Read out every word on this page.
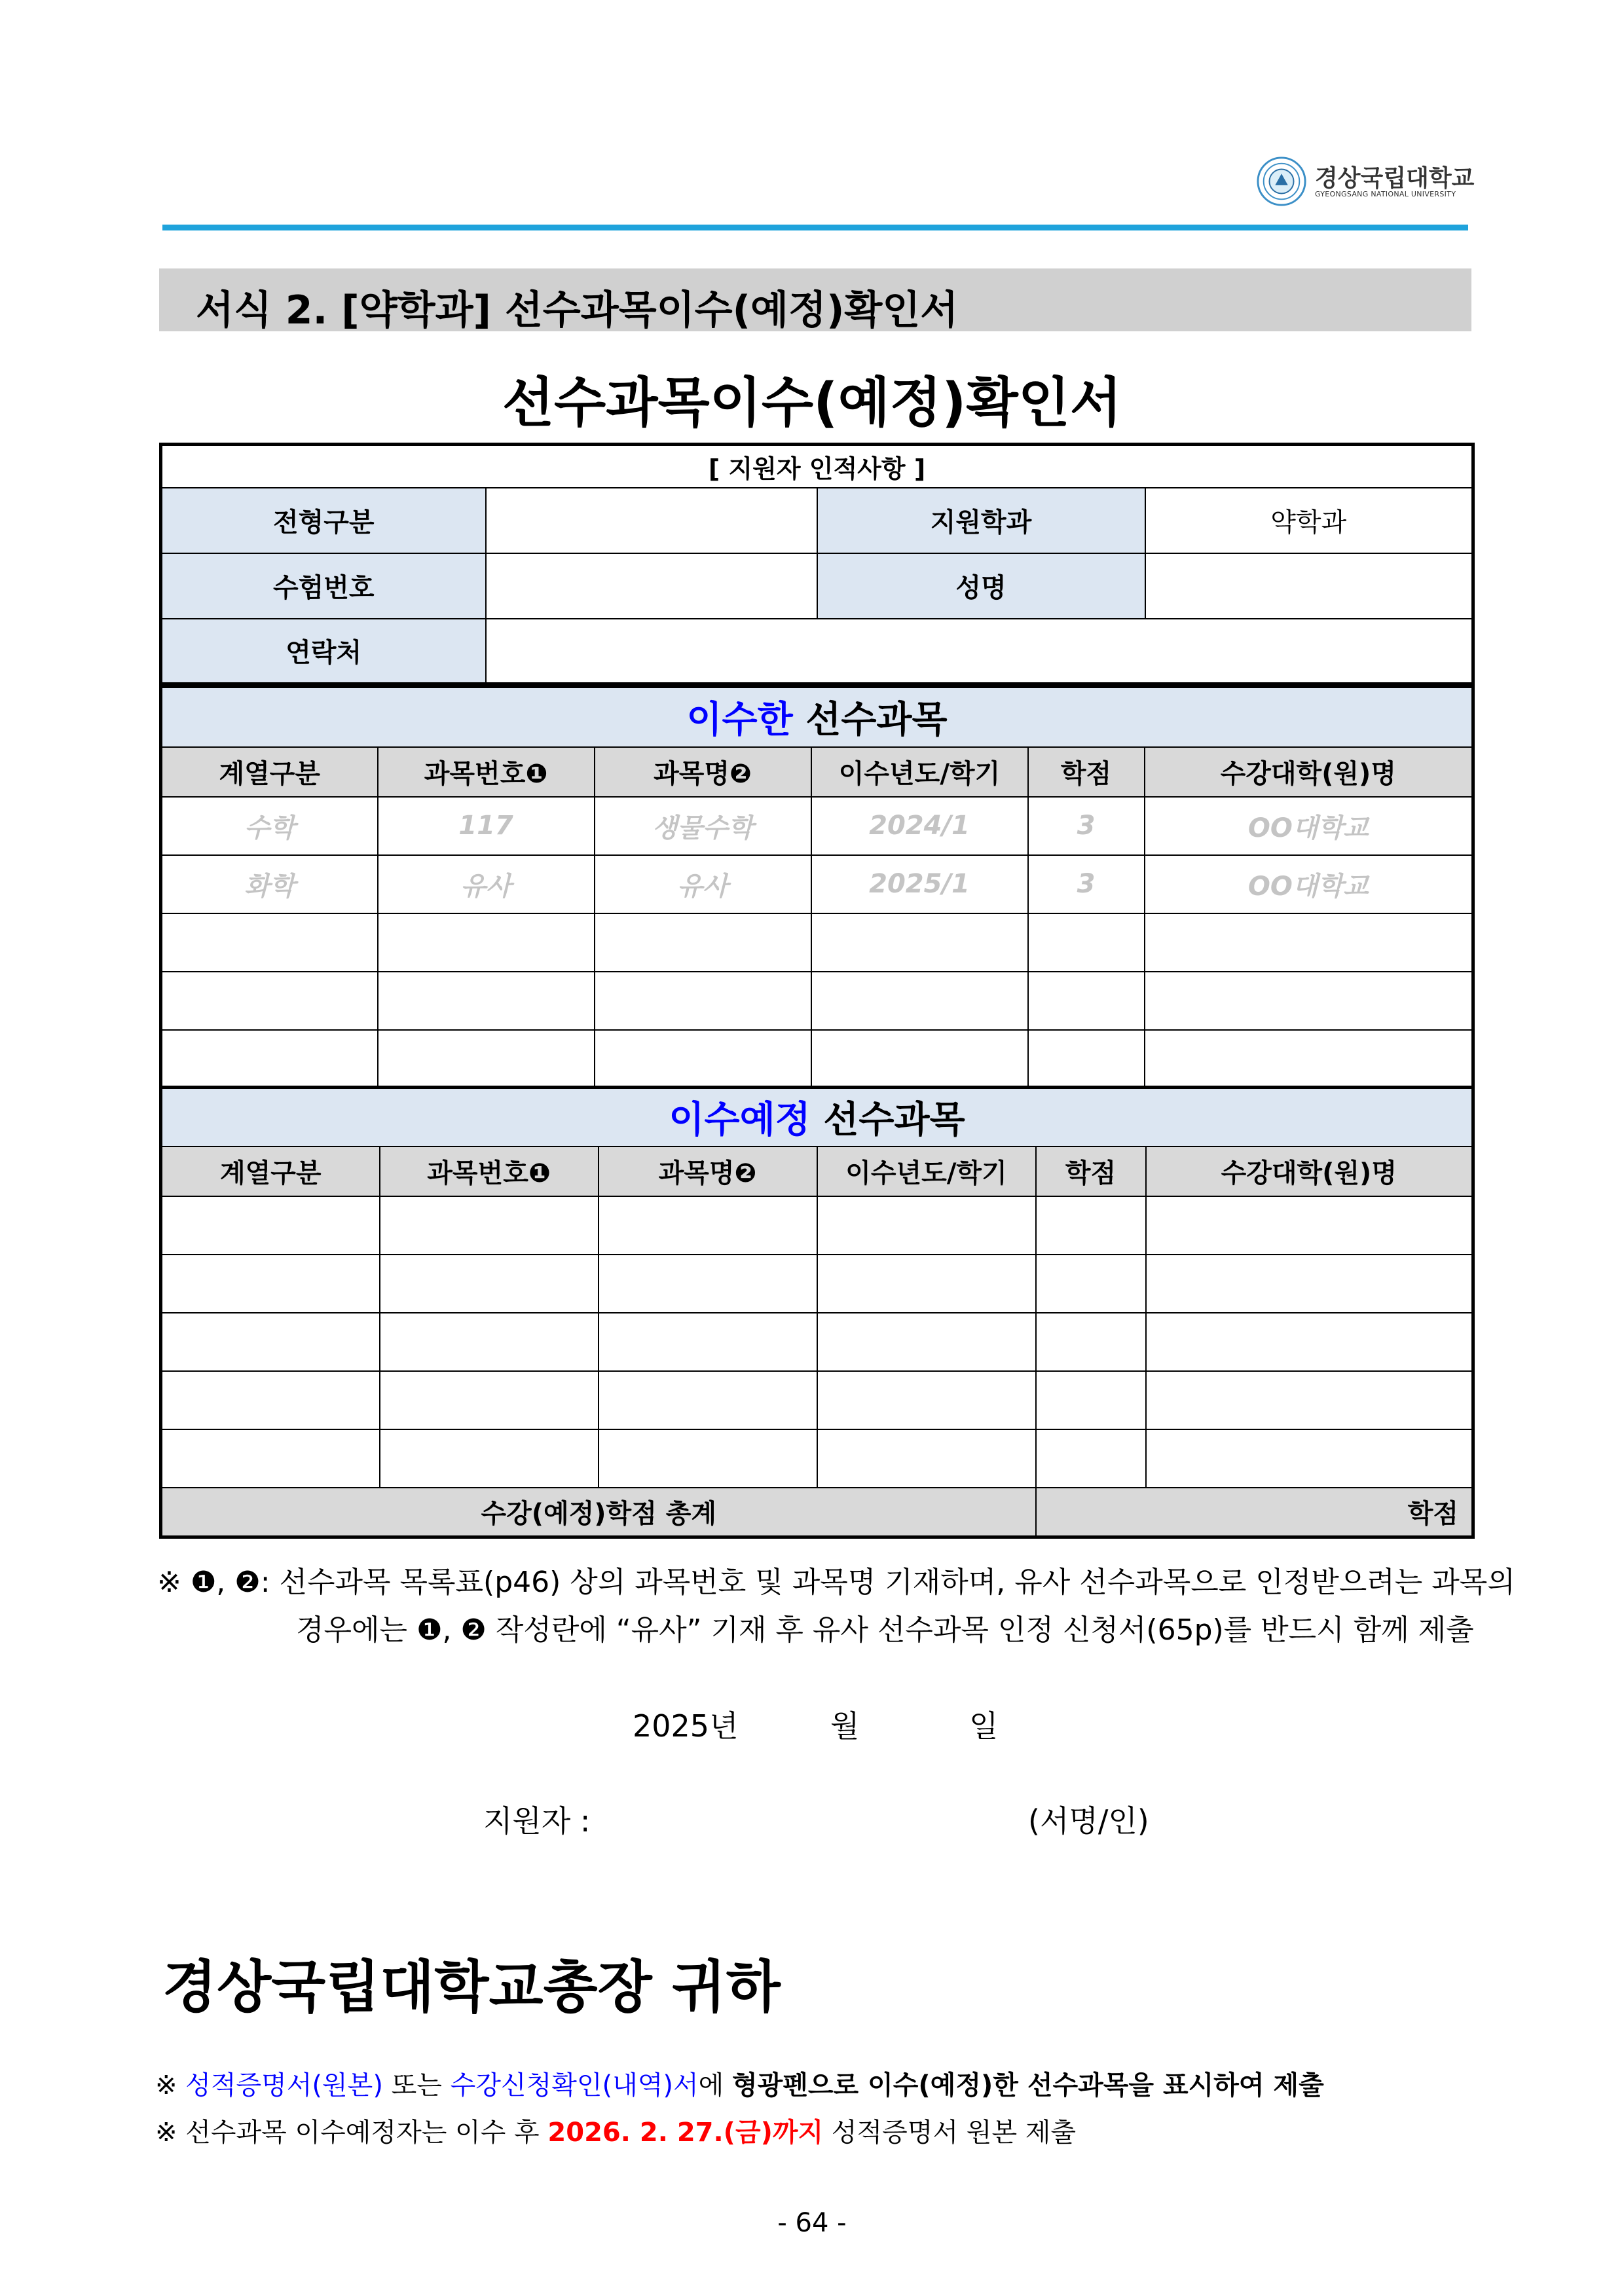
경상국립대학교
GYEONGSANG NATIONAL UNIVERSITY
서식 2. [약학과] 선수과목이수(예정)확인서
선수과목이수(예정)확인서
[ 지원자 인적사항 ]			
전형구분		지원학과	약학과
수험번호		성명	
연락처			
이수한 선수과목					
계열구분	과목번호❶	과목명❷	이수년도/학기	학점	수강대학(원)명
수학	117	생물수학	2024/1	3	OO대학교
화학	유사	유사	2025/1	3	OO대학교

이수예정 선수과목					
계열구분	과목번호❶	과목명❷	이수년도/학기	학점	수강대학(원)명

수강(예정)학점 총계				학점	
※ ❶, ❷: 선수과목 목록표(p46) 상의 과목번호 및 과목명 기재하며, 유사 선수과목으로 인정받으려는 과목의
경우에는 ❶, ❷ 작성란에 “유사” 기재 후 유사 선수과목 인정 신청서(65p)를 반드시 함께 제출
2025년	월	일
지원자 :	(서명/인)
경상국립대학교총장 귀하
※ 성적증명서(원본) 또는 수강신청확인(내역)서에 형광펜으로 이수(예정)한 선수과목을 표시하여 제출
※ 선수과목 이수예정자는 이수 후 2026. 2. 27.(금)까지 성적증명서 원본 제출
- 64 -
